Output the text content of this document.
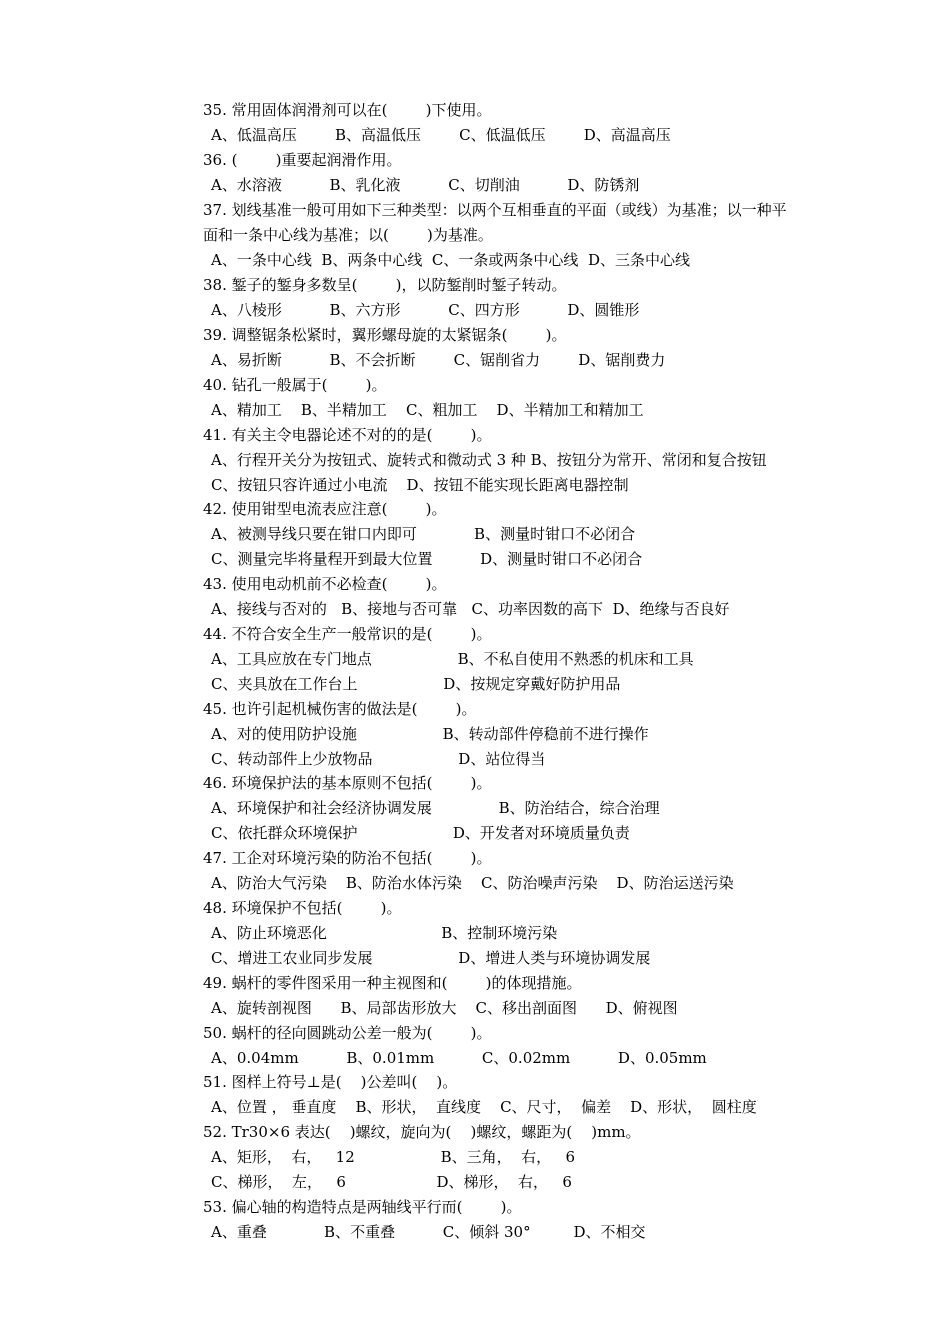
35. 常用固体润滑剂可以在(        )下使用。

A、低温高压        B、高温低压        C、低温低压        D、高温高压

36. (        )重要起润滑作用。

A、水溶液          B、乳化液          C、切削油          D、防锈剂

37. 划线基准一般可用如下三种类型：以两个互相垂直的平面（或线）为基准；以一种平

面和一条中心线为基准；以(        )为基准。

A、一条中心线  B、两条中心线  C、一条或两条中心线  D、三条中心线

38. 錾子的錾身多数呈(        )，以防錾削时錾子转动。

A、八棱形          B、六方形          C、四方形          D、圆锥形

39. 调整锯条松紧时，翼形螺母旋的太紧锯条(        )。

A、易折断          B、不会折断        C、锯削省力        D、锯削费力

40. 钻孔一般属于(        )。

A、精加工    B、半精加工    C、粗加工    D、半精加工和精加工

41. 有关主令电器论述不对的的是(        )。

A、行程开关分为按钮式、旋转式和微动式 3 种 B、按钮分为常开、常闭和复合按钮

C、按钮只容许通过小电流    D、按钮不能实现长距离电器控制

42. 使用钳型电流表应注意(        )。

A、被测导线只要在钳口内即可            B、测量时钳口不必闭合

C、测量完毕将量程开到最大位置          D、测量时钳口不必闭合

43. 使用电动机前不必检查(        )。

A、接线与否对的   B、接地与否可靠   C、功率因数的高下  D、绝缘与否良好

44. 不符合安全生产一般常识的是(        )。

A、工具应放在专门地点                  B、不私自使用不熟悉的机床和工具

C、夹具放在工作台上                  D、按规定穿戴好防护用品

45. 也许引起机械伤害的做法是(        )。

A、对的使用防护设施                  B、转动部件停稳前不进行操作

C、转动部件上少放物品                  D、站位得当

46. 环境保护法的基本原则不包括(        )。

A、环境保护和社会经济协调发展              B、防治结合，综合治理

C、依托群众环境保护                    D、开发者对环境质量负责

47. 工企对环境污染的防治不包括(        )。

A、防治大气污染    B、防治水体污染    C、防治噪声污染    D、防治运送污染

48. 环境保护不包括(        )。

A、防止环境恶化                        B、控制环境污染

C、增进工农业同步发展                  D、增进人类与环境协调发展

49. 蜗杆的零件图采用一种主视图和(        )的体现措施。

A、旋转剖视图      B、局部齿形放大    C、移出剖面图      D、俯视图

50. 蜗杆的径向圆跳动公差一般为(        )。

A、0.04mm          B、0.01mm          C、0.02mm          D、0.05mm

51. 图样上符号⊥是(    )公差叫(    )。

A、位置 ， 垂直度    B、形状，  直线度    C、尺寸，  偏差    D、形状，  圆柱度

52. Tr30×6 表达(    )螺纹，旋向为(    )螺纹，螺距为(    )mm。

A、矩形，  右，   12                  B、三角，  右，   6

C、梯形，  左，   6                   D、梯形，  右，   6

53. 偏心轴的构造特点是两轴线平行而(        )。

A、重叠            B、不重叠          C、倾斜 30°         D、不相交
